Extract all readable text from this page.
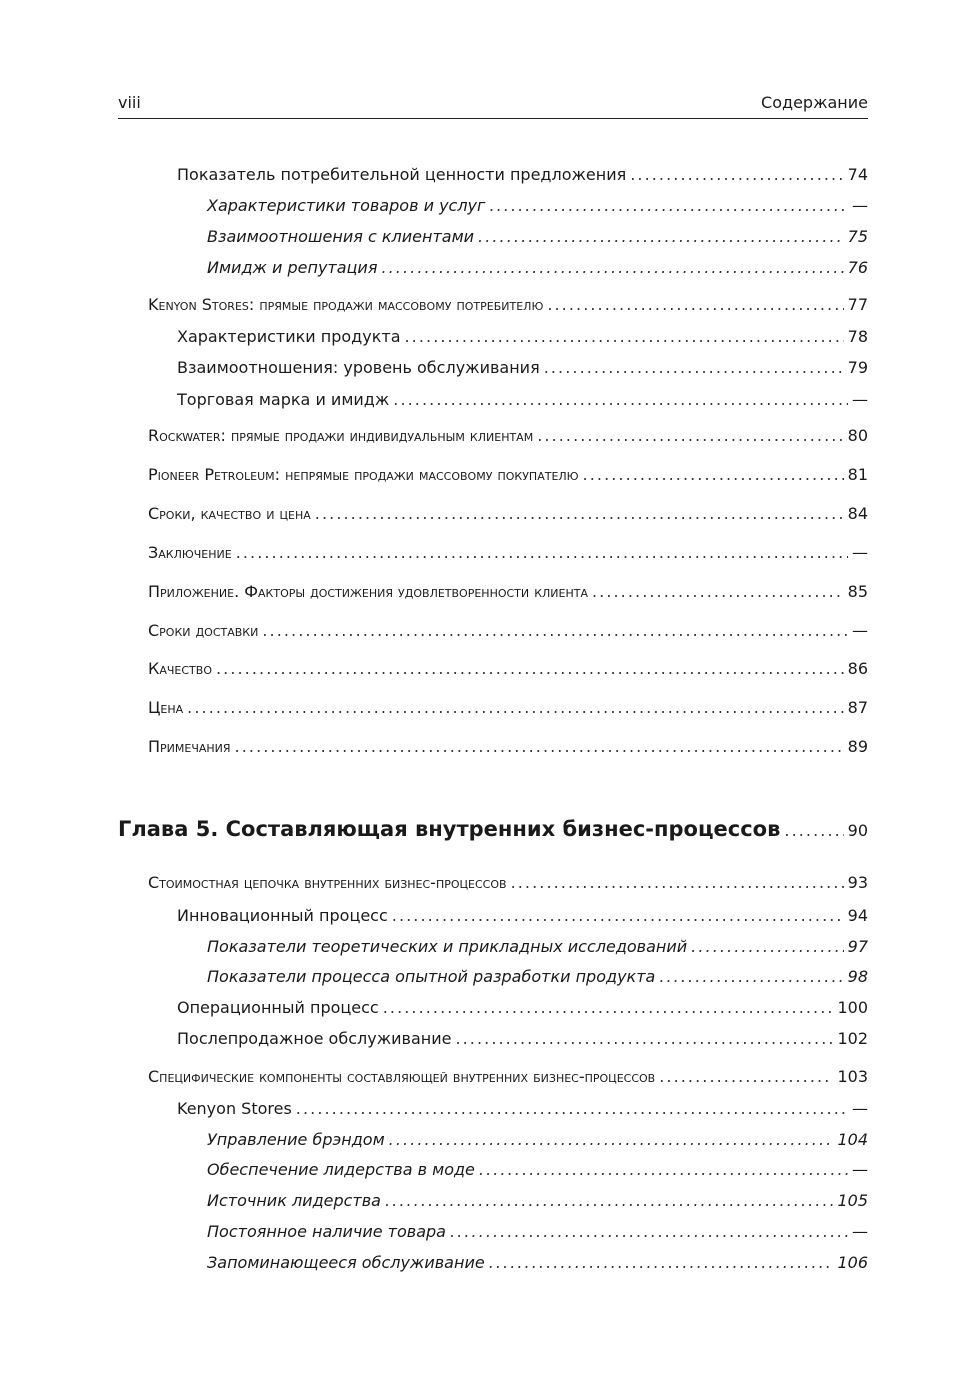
viii	Содержание
Показатель потребительной ценности предложения . . .	74
Характеристики товаров и услуг . . .	—
Взаимоотношения с клиентами . . .	75
Имидж и репутация . . .	76
Kenyon Stores: прямые продажи массовому потребителю . . .	77
Характеристики продукта . . .	78
Взаимоотношения: уровень обслуживания . . .	79
Торговая марка и имидж . . .	—
Rockwater: прямые продажи индивидуальным клиентам . . .	80
Pioneer Petroleum: непрямые продажи массовому покупателю . . .	81
Сроки, качество и цена . . .	84
Заключение . . .	—
Приложение. Факторы достижения удовлетворенности клиента . . .	85
Сроки доставки . . .	—
Качество . . .	86
Цена . . .	87
Примечания . . .	89
Глава 5. Составляющая внутренних бизнес-процессов . . .	90
Стоимостная цепочка внутренних бизнес-процессов . . .	93
Инновационный процесс . . .	94
Показатели теоретических и прикладных исследований . . .	97
Показатели процесса опытной разработки продукта . . .	98
Операционный процесс . . .	100
Послепродажное обслуживание . . .	102
Специфические компоненты составляющей внутренних бизнес-процессов . . .	103
Kenyon Stores . . .	—
Управление брэндом . . .	104
Обеспечение лидерства в моде . . .	—
Источник лидерства . . .	105
Постоянное наличие товара . . .	—
Запоминающееся обслуживание . . .	106
